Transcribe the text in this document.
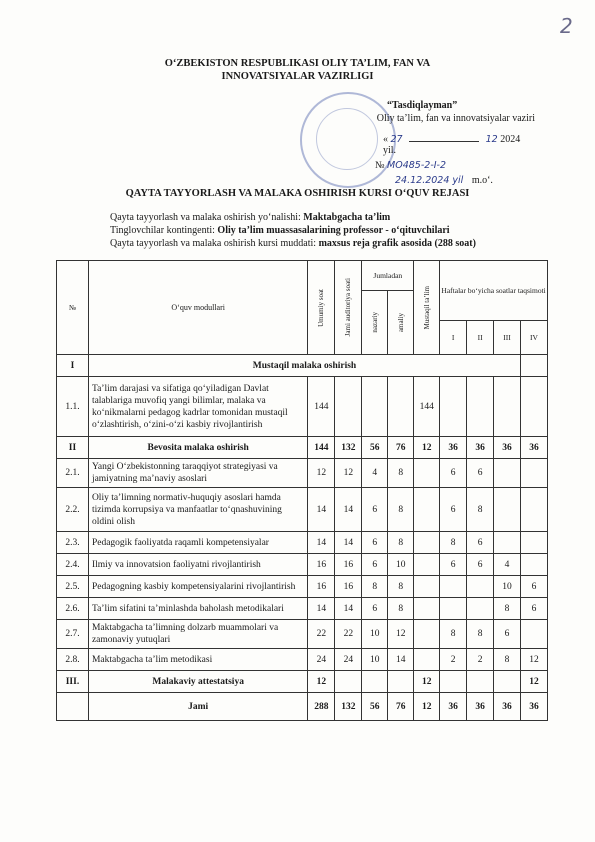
2
O‘ZBEKISTON RESPUBLIKASI OLIY TA’LIM, FAN VA
INNOVATSIYALAR VAZIRLIGI
“Tasdiqlayman”
Oliy ta’lim, fan va innovatsiyalar vaziri
« 27	12 2024 yil.
№ МО485-2-I-2
24.12.2024 yil m.o‘.
QAYTA TAYYORLASH VA MALAKA OSHIRISH KURSI O‘QUV REJASI
Qayta tayyorlash va malaka oshirish yo‘nalishi: Maktabgacha ta’lim
Tinglovchilar kontingenti: Oliy ta’lim muassasalarining professor - o‘qituvchilari
Qayta tayyorlash va malaka oshirish kursi muddati: maxsus reja grafik asosida (288 soat)
№	O‘quv modullari	Umumiy soat	Jami auditoriya soati	Jumladan		Mustaqil ta’lim	Haftalar bo‘yicha soatlar taqsimoti			

				nazariy	amaliy					

							I	II	III	IV
I	Mustaqil malaka oshirish									
1.1.	Ta’lim darajasi va sifatiga qo‘yiladigan Davlat talablariga muvofiq yangi bilimlar, malaka va ko‘nikmalarni pedagog kadrlar tomonidan mustaqil o‘zlashtirish, o‘zini-o‘zi kasbiy rivojlantirish	144				144				
II	Bevosita malaka oshirish	144	132	56	76	12	36	36	36	36
2.1.	Yangi O‘zbekistonning taraqqiyot strategiyasi va jamiyatning ma’naviy asoslari	12	12	4	8		6	6		
2.2.	Oliy ta’limning normativ-huquqiy asoslari hamda tizimda korrupsiya va manfaatlar to‘qnashuvining oldini olish	14	14	6	8		6	8		
2.3.	Pedagogik faoliyatda raqamli kompetensiyalar	14	14	6	8		8	6		
2.4.	Ilmiy va innovatsion faoliyatni rivojlantirish	16	16	6	10		6	6	4	
2.5.	Pedagogning kasbiy kompetensiyalarini rivojlantirish	16	16	8	8				10	6
2.6.	Ta’lim sifatini ta’minlashda baholash metodikalari	14	14	6	8				8	6
2.7.	Maktabgacha ta’limning dolzarb muammolari va zamonaviy yutuqlari	22	22	10	12		8	8	6	
2.8.	Maktabgacha ta’lim metodikasi	24	24	10	14		2	2	8	12
III.	Malakaviy attestatsiya	12				12				12
	Jami	288	132	56	76	12	36	36	36	36
